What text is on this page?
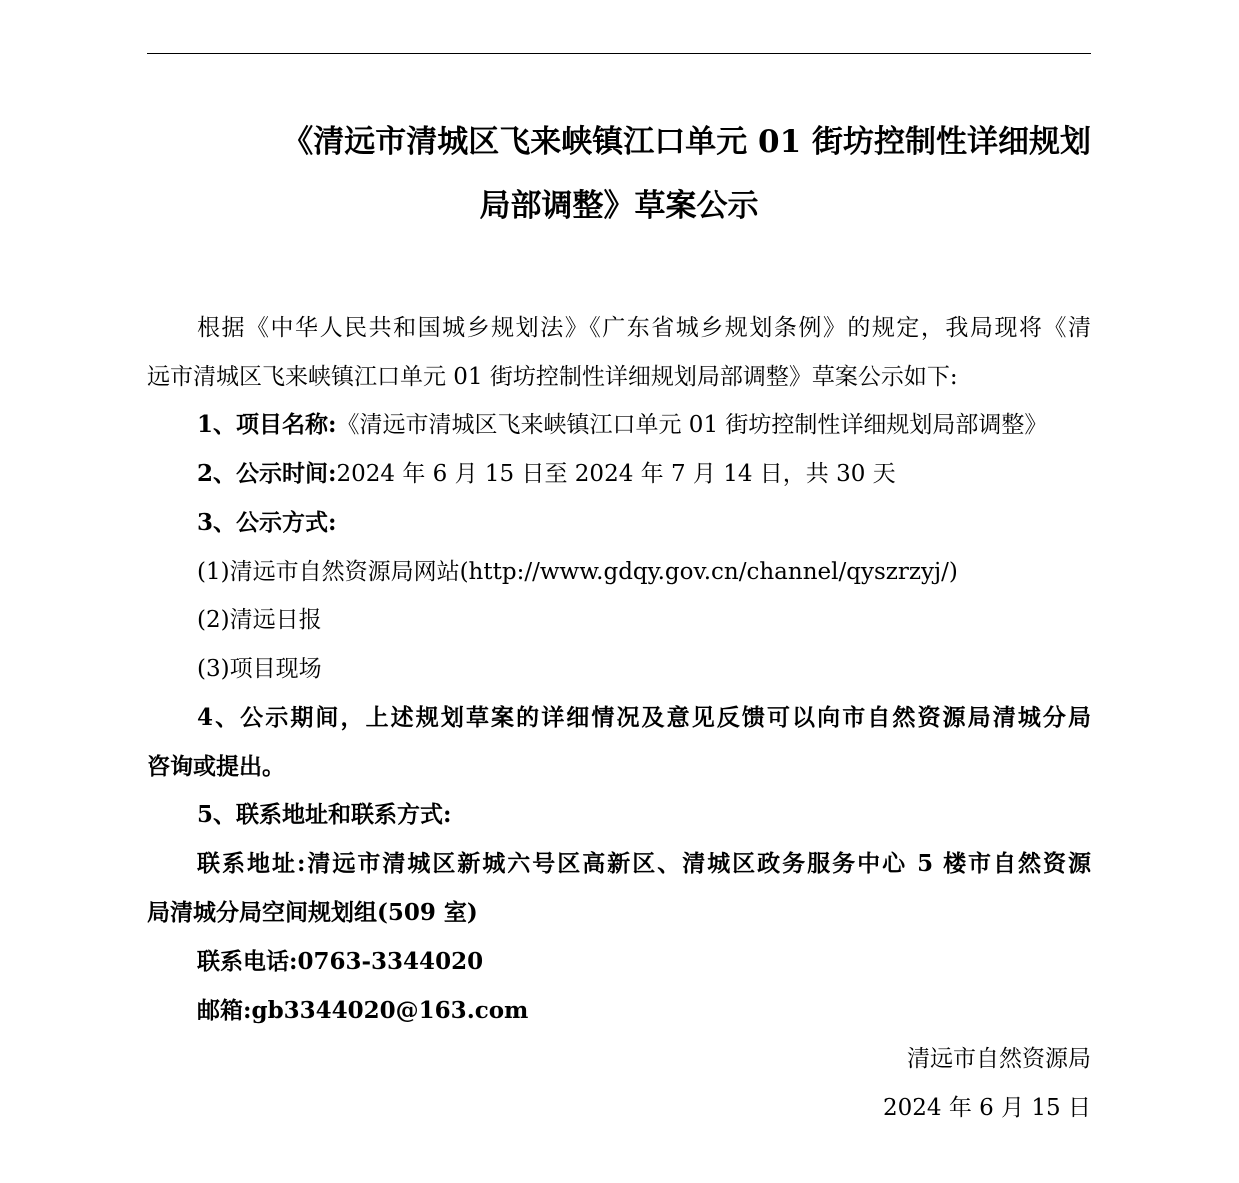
《清远市清城区飞来峡镇江口单元 01 街坊控制性详细规划
局部调整》草案公示
根据《中华人民共和国城乡规划法》《广东省城乡规划条例》的规定，我局现将《清
远市清城区飞来峡镇江口单元 01 街坊控制性详细规划局部调整》草案公示如下:
1、项目名称:《清远市清城区飞来峡镇江口单元 01 街坊控制性详细规划局部调整》
2、公示时间:2024 年 6 月 15 日至 2024 年 7 月 14 日，共 30 天
3、公示方式:
(1)清远市自然资源局网站(http://www.gdqy.gov.cn/channel/qyszrzyj/)
(2)清远日报
(3)项目现场
4、公示期间，上述规划草案的详细情况及意见反馈可以向市自然资源局清城分局
咨询或提出。
5、联系地址和联系方式:
联系地址:清远市清城区新城六号区高新区、清城区政务服务中心 5 楼市自然资源
局清城分局空间规划组(509 室)
联系电话:0763-3344020
邮箱:gb3344020@163.com
清远市自然资源局
2024 年 6 月 15 日
